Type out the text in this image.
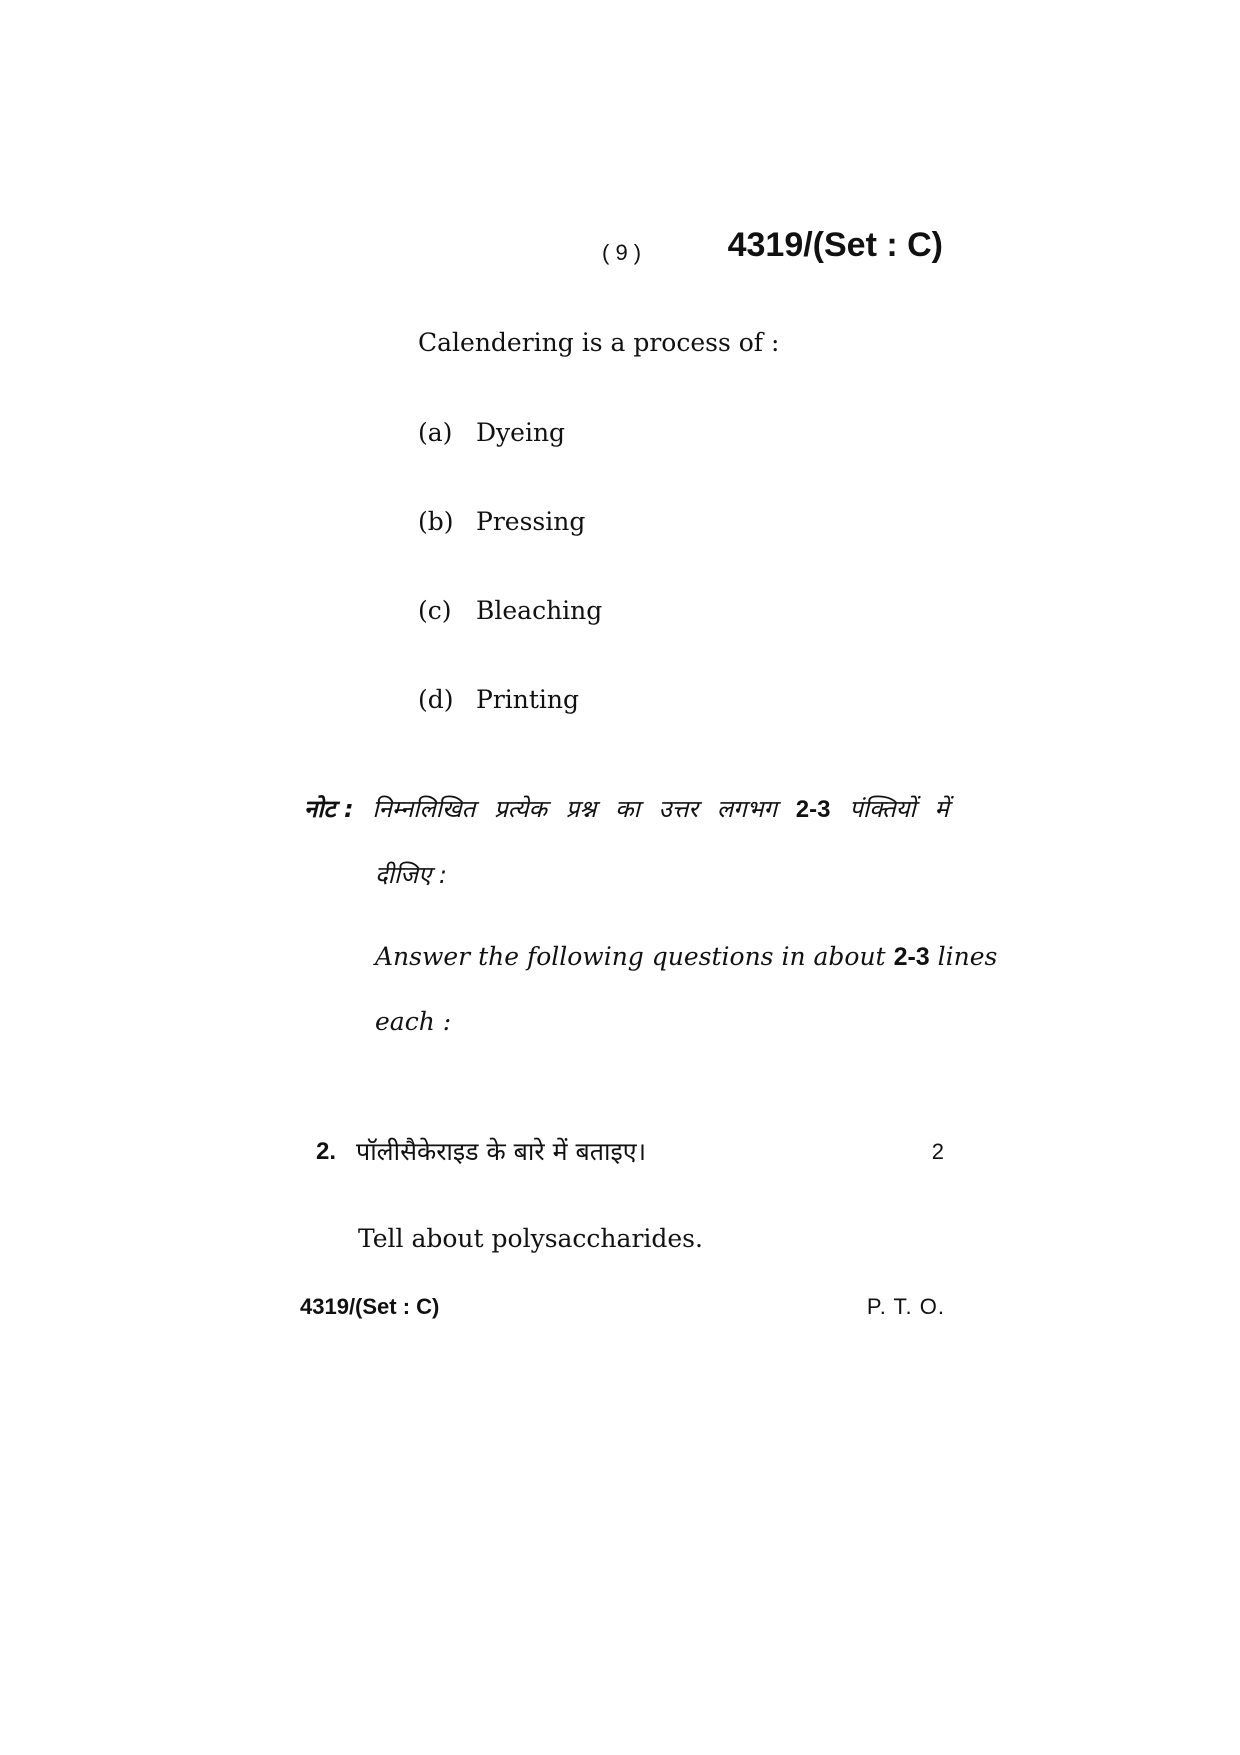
( 9 )	4319/(Set : C)
Calendering is a process of :
(a) Dyeing
(b) Pressing
(c) Bleaching
(d) Printing
नोट : निम्नलिखित प्रत्येक प्रश्न का उत्तर लगभग 2-3 पंक्तियों में
दीजिए :
Answer the following questions in about 2-3 lines
each :
2. पॉलीसैकेराइड के बारे में बताइए।	2
Tell about polysaccharides.
4319/(Set : C)	P. T. O.
